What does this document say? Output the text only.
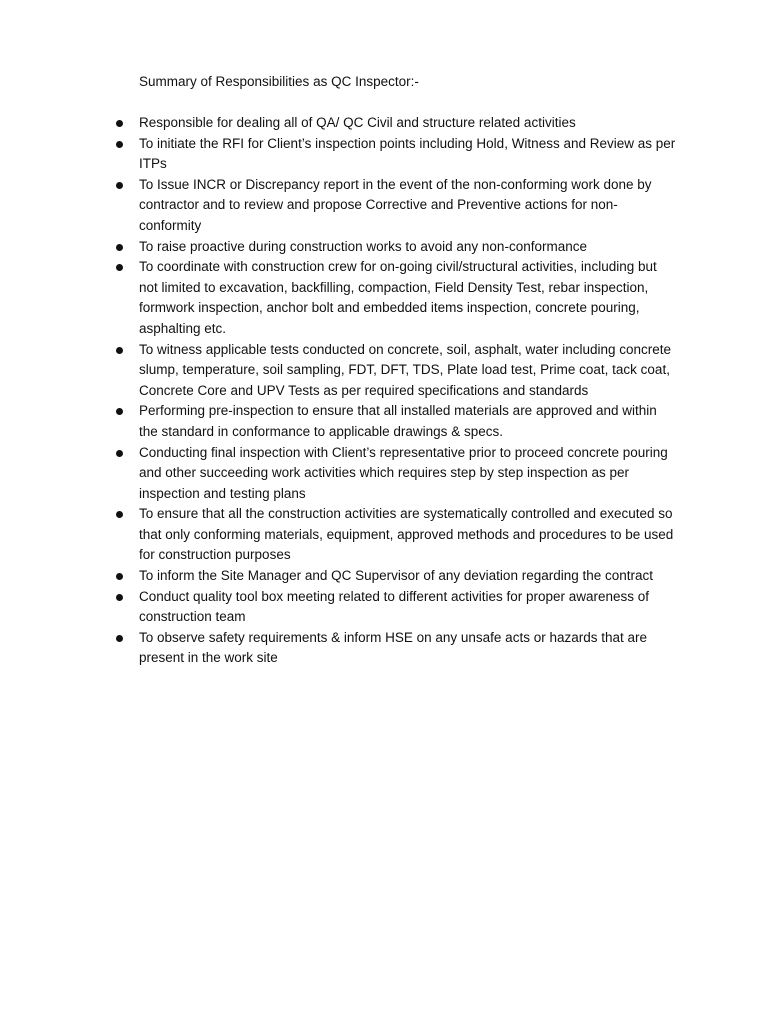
Summary of Responsibilities as QC Inspector:-
Responsible for dealing all of QA/ QC Civil and structure related activities
To initiate the RFI for Client’s inspection points including Hold, Witness and Review as per ITPs
To Issue INCR or Discrepancy report in the event of the non-conforming work done by contractor and to review and propose Corrective and Preventive actions for non-conformity
To raise proactive during construction works to avoid any non-conformance
To coordinate with construction crew for on-going civil/structural activities, including but not limited to excavation, backfilling, compaction, Field Density Test, rebar inspection, formwork inspection, anchor bolt and embedded items inspection, concrete pouring, asphalting etc.
To witness applicable tests conducted on concrete, soil, asphalt, water including concrete slump, temperature, soil sampling, FDT, DFT, TDS, Plate load test, Prime coat, tack coat, Concrete Core and UPV Tests as per required specifications and standards
Performing pre-inspection to ensure that all installed materials are approved and within the standard in conformance to applicable drawings & specs.
Conducting final inspection with Client’s representative prior to proceed concrete pouring and other succeeding work activities which requires step by step inspection as per inspection and testing plans
To ensure that all the construction activities are systematically controlled and executed so that only conforming materials, equipment, approved methods and procedures to be used for construction purposes
To inform the Site Manager and QC Supervisor of any deviation regarding the contract
Conduct quality tool box meeting related to different activities for proper awareness of construction team
To observe safety requirements & inform HSE on any unsafe acts or hazards that are present in the work site
